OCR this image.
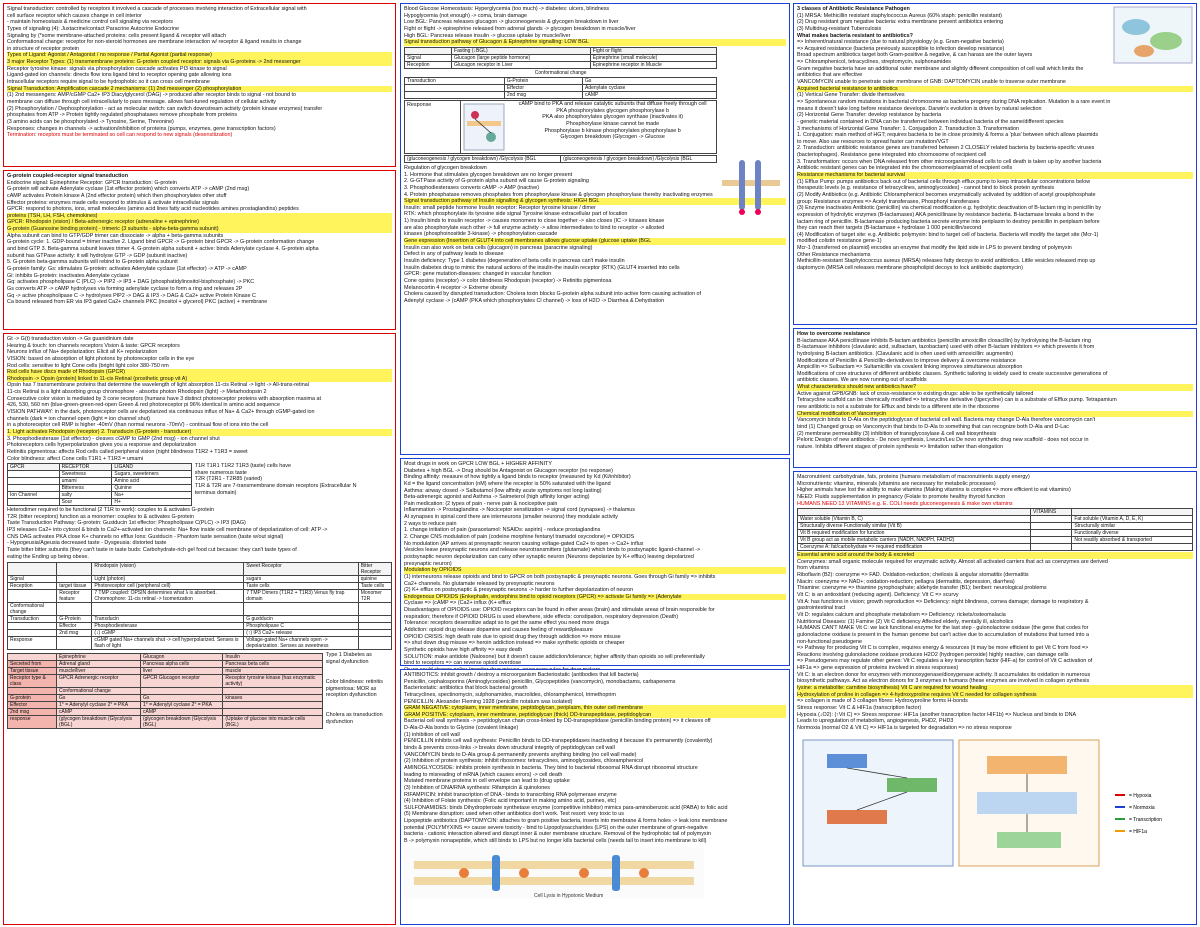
Signal transduction: controlled by receptors it involved a cascade of processes involving interaction of Extracellular signal with
cell surface receptor which causes change in cell interior
- maintain homeostasis & medicine control cell signaling via receptors
Types of signaling (4): Juxtacrine/contact Paracrine Autocrine Endocrine
Signaling by (*some membrane-attached proteins: cells present ligand & receptor will attach
Conformational change: receptor for non-steroid hormones are membrane interaction w/ receptor & ligand results in change
in structure of receptor protein
Types of Ligand: Agonist / Antagonist / no response / Partial Agonist (partial response)
3 major Receptor Types: (1) transmembrane proteins: G-protein coupled receptor: signals via G-proteins -> 2nd messenger
Receptor tyrosine kinase: signals via phosphorylation cascade activates PI3 kinase to signal
Ligand-gated ion channels: directs flow ions ligand bind to receptor opening gate allowing ions
Intracellular receptors require signal to be hydrophobic so it can cross cell membrane
Signal Transduction: Amplification cascade 2 mechanisms: (1) 2nd messenger (2) phosphorylation
(1) 2nd messengers: AMP/cGMP Ca2+ IP3 Diacylglycerol (DAG) -> produced after receptor binds to signal - not bound to
membrane can diffuse through cell intracellularly to pass message. allows fast-tuned regulation of cellular activity
(2) Phosphorylation / Dephosphorylation - act as molecular switch: can switch downstream activity (protein kinase enzymes) transfer
phosphates from ATP -> Protein tightly regulated phosphatases remove phosphate from proteins
(3 amino acids can be phosphorylated -> Tyrosine, Serine, Threonine)
Responses: changes in channels -> activation/inhibition of proteins (pumps, enzymes, gene transcription factors)
Termination: receptors must be terminated so cell can respond to new signals (desensitization)
G-protein coupled-receptor signal transduction
Endocrine signal: Epinephrine Receptor: GPCR transduction: G-protein
G-protein will activate Adenylate cyclase (1st effector protein) which converts ATP -> cAMP (2nd msg)
cAMP activates Protein kinase A (2nd effector protein) which then phosphorylates other stuff
Effector proteins: enzymes made cells respond to stimulus & activate intracellular signals
GPCR: respond to photons, ions, small molecules (amino acid lines fatty acid nucleotides amines prostaglandins) peptides
proteins (TSH, LH, FSH, chemokines)
GPCR: Rhodopsin (vision) / Beta-adrenergic receptor (adrenaline + epinephrine)
G-protein (Guanosine binding protein) - trimeric (3 subunits - alpha-beta-gamma subunit)
Alpha subunit can bind to GTP/GDP trimer can dissociate -> alpha + beta-gamma subunits
G-protein cycle: 1. GDP-bound = trimer inactive 2. Ligand bind GPCR -> G-protein bind GPCR -> G-protein conformation change
and bind GTP 3. Beta-gamma subunit leaves trimer 4. G-protein alpha subunit + active: binds Adenylate cyclase 4. G-protein alpha
subunit has GTPase activity: it will hydrolyse GTP -> GDP (subunit inactive)
5. G-protein beta-gamma subunits will rebind to G-protein alpha subunit
G-protein family: Gs: stimulates G-protein: activates Adenylate cyclase (1st effector) -> ATP -> cAMP
Gi: inhibits G-protein: inactivates Adenylate cyclase
Gq: activates phospholipase C (PLC) -> PIP2 -> IP3 + DAG (phosphatidylinositol-bisphosphate) -> PKC
Gs converts ATP -> cAMP hydrolyses via forming adenylate cyclase to form a ring and releases 2P
Gq -> active phospholipase C -> hydrolyses PIP2 -> DAG & IP3 -> DAG & Ca2+ active Protein Kinase C
Ca bound released from ER via IP3 gated Ca2+ channels PKC (inositol + glycerol) PKC (active) + membrane
Gt -> G(t) transduction vision -> Gs guanidinium date
Hearing & touch: ion channels receptors Vision & taste: GPCR receptors
Neurons influx of Na+ depolarization: Elicit all K+ repolarization
VISION: based on absorption of light photons by photoreceptor cells in the eye
Rod cells: sensitive to light Cone cells (bright light color 380-750 nm
Rod cells have discs made of Rhodopsin (GPCR)
Rhodopsin -> Opsin (protein) linked to 11-cis Retinal (prosthetic group vit A)
Opsin has 7 transmembrane proteins that determine the wavelength of light absorption 11-cis Retinal -> light -> All-trans-retinal
11-cis Retinal is a light absorbing group chromophore - absorbs photon Rhodopsin (light) -> Metarhodopsin 2
Consecutive color vision is mediated by 3 cone receptors (humans have 3 distinct photoreceptor proteins with absorption maxima at
426, 530, 560 nm (blue-green-green-red-open Green & red photoreceptor pi 96% identical in amino acid sequence
VISION PATHWAY: in the dark, photoreceptor cells are depolarized via continuous influx of Na+ & Ca2+ through cGMP-gated ion
channels (dark = ion channel open (light = ion channel shut)
in a photoreceptor cell RMP is higher -40mV (than normal neurons -70mV) - continual flow of ions into the cell
1. Light activates Rhodopsin (receptor) 2. Transducin (G-protein - transducer)
3. Phosphodiesterase (1st effector) - cleaves cGMP to GMP (2nd msg) - ion channel shut
Photoreceptors cells hyperpolarization gives you a response and depolarization
Retinitis pigmentosa: affects Rod cells called peripheral vision (night blindness T1R2 + T1R3 = sweet
Color blindness: affect Cone cells T1R1 + T1R3 = umami
GPCR	RECEPTOR	LIGAND
	Sweetness	Sugars, sweeteners
	umami	Amino acid
	Bitterness	Quinine
Ion Channel	salty	Na+
	Sour	H+
T1R T1R1 T1R2 T1R3 (taste) cells have
share numerous taste
T2R (T2R1 - T2R85 (varied)
T1R & T2R are 7-transmembrane domain receptors (Extracellular N
terminus domain)
Heterodimer required to be functional (2 T1R to work): couples to & activates G-protein
T2R (bitter receptors) function as a monomer: couples to & activates G-protein
Taste Transduction Pathway: G-protein: Gustducin 1st effector: Phospholipase C(PLC) -> IP3 (DAG)
IP3 releases Ca2+ into cytosol & binds to Ca2+-activated ion channels: Na+ flow inside cell membrane of depolarization of cell: ATP ->
CNS DAG activates PKA close K+ channels no efflux Ions: Gustducin - Phantom taste sensation (taste w/out signal)
- Hypogeusia/Ageusia decreased taste - Dysgeusia: distorted taste
Taste bitter bitter subunits (they can't taste in taste buds: Carbohydrate-rich gel food cut because: they can't taste types of
eating the Ending up being obese.
		Rhodopsin (vision)	Sweet Receptor	Bitter Receptor
Signal		Light (photon)	sugars	quinine
Reception	target tissue	Photoreceptor cell (peripheral cell)	Taste cells	Taste cells
	Receptor feature	7 TMP coupled: OPSIN determines what λ is absorbed. Chromophore: 11-cis retinal -> Isomerization	7 TMP Dimers (T1R2 + T1R3) Venus fly trap domain	Monomer T2R
Conformational change				
Transduction	G-Protein	Transducin	G gustducin	
	Effector	Phosphodiesterase	Phospholipase C	
	2nd msg	(↓) cGMP	(↑) IP3 Ca2+ release	
Response		cGMP gated Na+ channels shut -> cell hyperpolarized. Senses is flash of light	Voltage-gated Na+ channels open -> depolarization. Senses as sweetness	
	Epinephrine	Glucagon	Insulin
Secreted from	Adrenal gland	Pancreas alpha cells	Pancreas beta cells
Target tissue	muscle/liver	liver	muscle
Receptor type & class	GPCR Adrenergic receptor	GPCR Glucagon receptor	Receptor tyrosine kinase (has enzymatic activity)
	Conformational change		
G-protein	Gs	Gs	kinases
Effector	1° = Adenylyl cyclase 2° = PKA	1° = Adenylyl cyclase 2° = PKA	
2nd msg	cAMP	cAMP	
response	(glycogen breakdown (Glycolysis (BGL)	(glycogen breakdown (Glycolysis (BGL)	(Uptake of glucose into muscle cells (BGL)
Type 1 Diabetes as
signal dysfunction

Color blindness: retinitis
pigmentosa: MOR as
reception dysfunction

Cholera as transduction
dysfunction
Blood Glucose Homeostasis: Hyperglycemia (too much) -> diabetes: ulcers, blindness
Hypoglycemia (not enough) -> coma, brain damage
Low BGL: Pancreas releases glucagon -> gluconeogenesis & glycogen breakdown in liver
Fight or flight -> epinephrine released from adrenal glands -> glycogen breakdown in muscle/liver
High BGL: Pancreas release insulin -> glucose uptake by muscle/liver
Signal transduction pathway of Glucagon & Epinephrine signalling: LOW BGL
	Fasting (↓BGL)	Fight or flight
Signal	Glucagon (large peptide hormone)	Epinephrine (small molecule)
Reception	Glucagon receptor in Liver	Epinephrine receptor in Muscle
Conformational change
Transduction	G-Protein	Gs
	Effector	Adenylate cyclase
	2nd msg	cAMP
Response	cAMP bind to PKA and release catalytic subunits that diffuse freely through cell
PKA phosphorylates glycogen phosphorylase b
PKA also phosphorylates glycogen synthase (inactivates it)
Phosphorylase kinase cannot be made
Phosphorylase b kinase phosphorylates phosphorylase b
Glycogen breakdown (Glycogen -> Glucose
(gluconeogenesis / glycogen breakdown) /Glycolysis (BGL	(gluconeogenesis / glycogen breakdown) /Glycolysis (BGL
Regulation of glycogen breakdown
1. Hormone that stimulates glycogen breakdown are no longer present
2. G-GTPase activity of G-protein alpha subunit will cause G-protein signaling
3. Phosphodiesterases converts cAMP -> AMP (inactive)
4. Protein phosphatase removes phosphates from phosphorylase kinase & glycogen phosphorylase thereby inactivating enzymes
Signal transduction pathway of Insulin signalling & glycogen synthesis: HIGH BGL
Insulin: small peptide hormone Insulin receptor: Receptor tyrosine kinase / dimer
RTK: which phosphorylate its tyrosine side signal Tyrosine kinase extracellular part of location
1) Insulin binds to insulin receptor -> causes monomers to close together -> also closes (IC -> kinases kinase
are also phosphorylate each other -> full enzyme activity -> allow intermediates to bind to receptor -> allosted
kinases (phosphoinositide 3-kinase) -> phosphorylation cascade
Gene expression (Insertion of GLUT4 into cell membranes allows glucose uptake (glucose uptake (BGL
Insulin can also work on beta cells (glucagon) in pancreas (paracrine signaling)
Defect in any of pathway leads to disease
Insulin deficiency: Type 1 diabetes (degeneration of beta cells in pancreas can't make insulin
Insulin diabetes drug to mimic the natural actions of the insulin-the insulin receptor (RTK) (GLUT4 inserted into cells
GPCR: gene mutation-diseases: changed in vascular function
Cone opsins (receptor) -> color blindness Rhodopsin (receptor) -> Retinitis pigmentosa
Melanocortin 4 receptor -> Extreme obesity
Cholera caused by disrupted transduction: Cholera toxin blocks G-protein alpha subunit into active form causing activation of
Adenylyl cyclase -> (cAMP (PKA which phosphorylates Cl channel) -> loss of H2O -> Diarrhea & Dehydration
Most drugs in work on GPCR LOW BGL + HIGHER AFFINITY
Diabetes + high BGL -> Drug should be Antagonist on Glucagon receptor (no response)
Binding affinity: measure of how tightly a ligand binds to receptor (measured by Kd (Ki/inhibitor)
Kd = the ligand concentration (nM) where the receptor is 50% saturated with the ligand
Asthma: airway closed -> Salbutamol (low affinity acute symptoms not long lasting)
Beta-adrenergic agonist and Asthma -> Salmeterol (high affinity longer acting)
Pain medication: (2 types of pain - nerve pain & nociceptive pain
Inflammation -> Prostaglandins -> Nociceptor sensitization -> signal cord (synapses) -> thalamus
At synapses in spinal cord there are interneurons (smaller neurons) they modulate activity
2 ways to reduce pain
1. change initiation of pain (paracetamol: NSAIDs: aspirin) - reduce prostaglandins
2. Change CNS modulation of pain (codeine morphine fentanyl tramadol oxycodone) = OPIOIDS
No modulation (AP arrives at presynaptic neuron causing voltage-gated Ca2+ to open -> Ca2+ influx
Vesicles leave presynaptic neurons and release neurotransmitters (glutamate) which binds to postsynaptic ligand-channel ->
postsynaptic neuron depolarization can carry other synaptic neuron (Neurons depolarize by K+ efflux) leaving depolarized
presynaptic neuron)
Modulation by OPIOIDS
(1) interneurons release opioids and bind to GPCR on both postsynaptic & presynaptic neurons. Goes through Gi family => inhibits
Ca2+ channels. No glutamate released by presynaptic neurons
(2) K+ efflux on postsynaptic & presynaptic neurons -> harder to further depolarization of neuron
Endogenous OPIOIDS (Enkephalin, endorphins bind to opioid receptors (GPCR) => activate Gi family => (Adenylate
Cyclase => (cAMP => (Ca2+ influx (K+ efflux
Disadvantages of OPIOIDS use: OPIOID receptors can be found in other areas (brain) and stimulate areas of brain responsible for
respiration; therefore if OPIOID DRUG is used elsewhere, side effects: constipation, respiratory depression (Death)
Tolerance: receptors desensitize adapt so to get the same effect you need more drugs
Addiction: opioid drug release dopamine and causes feeling of reward/pleasure
OPIOID CRISIS: high death rate due to opioid drug they through addiction => more misuse
=> shut down drug misuse => heroin addiction instead => make synthetic opioids or cheaper
Synthetic opioids have high affinity => easy death
SOLUTION: make antidote (Naloxone) but it doesn't cause addiction/tolerance; higher affinity than opioids so will preferentially
bind to receptors => can reverse opioid overdose
ANTIBIOTICS: inhibit growth / destroy a microorganism Bacteriostatic (antibodies that kill bacteria)
Penicillin, cephalosporins (Aminoglycosides) penicillin, Glycopeptides (vancomycin), monobactams, carbapenems
Bacteriostatic: antibiotics that block bacterial growth
Tetracyclines, spectinomycin, sulphonamides, macrolides, chloramphenicol, trimethoprim
PENICILLIN: Alexander Fleming 1928 (penicillin notatum was isolated)
GRAM NEGATIVE: cytoplasm, inner membrane, peptidoglycan, periplasm, thin outer cell membrane
GRAM POSITIVE: cytoplasm, inner membrane, peptidoglycan (thick) DD-transpeptidase, peptidoglycan
Bacterial cell wall synthesis -> peptidoglycan chain cross-linked by DD-transpeptidase (penicillin binding protein) => it cleaves off
D-Ala-D-Ala bonds to Glycine (covalent linkage)
(1) inhibition of cell wall
PENICILLIN inhibits cell wall synthesis: Penicillin binds to DD-transpeptidases inactivating it because it's permanently (covalently)
binds & prevents cross-links -> breaks down structural integrity of peptidoglycan cell wall
VANCOMYCIN binds to D-Ala group & permanently prevents anything binding (no cell wall made)
(2) Inhibition of protein synthesis: inhibit ribosomes: tetracyclines, aminoglycosides, chloramphenicol
AMINOGLYCOSIDE: inhibits protein synthesis in bacteria. They bind to bacterial ribosomal RNA disrupt ribosomal structure
leading to misreading of mRNA (which causes errors) -> cell death
Mutated membrane proteins in cell envelope can lead to (drug uptake
(3) Inhibition of DNA/RNA synthesis: Rifampicin & quinolones
RIFAMPICIN: inhibit transcription of DNA - binds to transcribing RNA polymerase enzyme
(4) Inhibition of Folate synthesis: (Folic acid important in making amino acid, purines, etc)
SULFONAMIDES: binds Dihydropteroate synthetase enzyme (competitive inhibitor) mimics para-aminobenzoic acid (PABA) to folic acid
(5) Membrane disruption: used when other antibiotics don't work. Test resort: very toxic to us
Lipopeptide antibiotics (DAPTOMYCIN: attaches to gram positive bacteria, inserts into membrane & forms holes -> leak ions membrane
potential (POLYMYXINS => cause severe toxicity - bind to Lipopolysaccharides (LPS) on the outer membrane of gram-negative
bacteria - cationic interaction altered and disrupt inner & outer membrane structure. Removal of the hydrophobic tail of polymyxin
B -> polymyxin nonapeptide, which still binds to LPS but no longer kills bacterial cells (needs tail to insert into membrane to kill)
Cell Lysis in Hypotonic Medium
3 classes of Antibiotic Resistance Pathogen
(1) MRSA: Methicillin resistant staphylococcus Aureus (60% staph: penicillin resistant)
(2) Drug resistant gram negative bacteria: extra membrane prevent antibiotics entering
(3) Multidrug-resistant Tuberculosis
What makes bacteria resistant to antibiotics?
=> Inherent/natural resistance (due to natural physiology (e.g. Gram-negative bacteria)
=> Acquired resistance (bacteria previously susceptible to infection develop resistance)
Broad spectrum antibiotics target both Gram-positive & negative, & can harass are the outer layers
=> Chloramphenicol, tetracyclines, streptomycin, sulphonamides
Gram negative bacteria have an additional outer membrane and slightly different composition of cell wall which limits the
antibiotics that are effective
VANCOMYCIN unable to penetrate outer membrane of GNB: DAPTOMYCIN unable to traverse outer membrane
Acquired bacterial resistance to antibiotics
(1) Vertical Gene Transfer: divide themselves
=> Spontaneous random mutations in bacterial chromosome as bacteria progeny during DNA replication. Mutation is a rare event in
means it doesn't take long before resistance develops. Darwin's evolution is driven by natural selection
(2) Horizontal Gene Transfer: develop resistance by bacteria
- genetic material contained in DNA can be transferred between individual bacteria of the same/different species
3 mechanisms of Horizontal Gene Transfer: 1. Conjugation 2. Transduction 3. Transformation
1. Conjugation: main method of HGT; requires bacteria to be in close proximity & forms a 'plus' between which allows plasmids
to move. Also use resources to spread faster can mutation/VGT
2. Transduction: antibiotic resistance genes are transferred between 2 CLOSELY related bacteria by bacteria-specific viruses
(bacteriophages). Resistance gene integrated into chromosome of recipient cell
3. Transformation: occurs when DNA released from other microorganism/dead cells to cell death is taken up by another bacteria
Antibiotic resistant genes can be integrated into the chromosome/plasmid of recipient cells
Resistance mechanisms for bacterial survival
(1) Efflux Pump: pumps antibiotics back out of bacterial cells through efflux pump to keep intracellular concentrations below
therapeutic levels (e.g. resistance of tetracyclines, aminoglycosides) - cannot bind to block protein synthesis
(2) Modify Antibiotics (e.g. Antibiotic Chloramphenicol becomes enzymatically activated by addition of acetyl group/phosphate
group: Resistance enzymes => Acetyl transferases, Phosphoryl transferases
(3) Enzyme inactivates Antibiotic (penicillin) via chemical modification e.g. hydrolytic deactivation of B-lactam ring in penicillin by
expression of hydrolytic enzymes (B-lactamases) AKA penicillinase by resistance bacteria. B-lactamase breaks a bond in the
lactam ring of penicillin. B-lactamase producing bacteria secrete enzyme into periplasm to destroy penicillin in periplasm before
they can reach their targets (B-lactamase + hydrolase 1 000 penicillin/second
(4) Modification of target site: e.g. Antibiotic polymyxin: bind to target cell of bacteria. Bacteria will modify the target site (Mcr-1)
modified colistin resistance gene-1)
Mcr-1 (transferred on plasmid) encodes an enzyme that modify the lipid side in LPS to prevent binding of polymyxin
Other Resistance mechanisms
Methicillin-resistant Staphylococcus aureus (MRSA) releases fatty decoys to avoid antibiotics. Little vesicles released mop up
daptomycin (MRSA cell releases membrane phospholipid decoys to lock antibiotic daptomycin)
How to overcome resistance
B-lactamase AKA penicillinase inhibits B-lactam antibiotics (penicillin amoxicillin cloxacillin) by hydrolysing the B-lactam ring
B-lactamase inhibitors (clavulanic acid, sulbactam, tazobactam) used with other B-lactam inhibitors => which prevents it from
hydrolysing B-lactam antibiotics. (Clavulanic acid is often used with amoxicillin: augmentin)
Modifications of Penicillin & Penicillin-derivatives to improve delivery & overcome resistance
Ampicillin => Sulbactam => Sultamicillin via covalent linking improves simultaneous absorption
Modifications of core structures of different antibiotic classes. Synthetic tailoring is widely used to create successive generations of
antibiotic classes. We are now running out of scaffolds
What characteristics should new antibiotics have?
Active against GPB/GNB: lack of cross-resistance to existing drugs: able to be synthetically tailored
Tetracycline scaffold can be chemically modified => tetracycline derivative (tigecycline) can is a substrate of Efflux pump. Tetrapamium
new antibiotic is not a substrate for Efflux and binds to a different site in the ribosome
Chemical modification of Vancomycin
Vancomycin binds to D-Ala on the peptidoglycan of bacterial cell wall. Bacteria may change D-Ala therefore vancomycin can't
bind (1) Changed group on Vancomycin that binds to D-Ala to something that can recognize both D-Ala and D-Lac
(2) membrane permeability (3) inhibition of transglycosylase & cell wall biosynthesis
Peloric Design of new antibiotics - De novo synthesis, Lreucin/Leu De novo synthetic drug new scaffold - does not occur in
nature. Inhibits different stages of protein synthesis => limitation rather than elongation
Macronutrient: carbohydrate, fats, proteins (humans metabolism of macronutrients supply energy)
Micronutrients: vitamins, minerals (vitamins are necessary for metabolic processes)
Higher animals have lost the ability to make vitamins (Making vitamins is complex => more efficient to eat vitamins)
NEED: Fluids supplementation in pregnancy (Folate to promote healthy thyroid function
HUMANS NEED 13 VITAMINS e.g. E. COLI needs gluconeogenesis & make own vitamins
	VITAMINS	
Water soluble (Vitamin B, C)		Fat soluble (Vitamin A, D, E, K)
Structurally diverse Functionally similar (Vit B)		Structurally similar
Vit B required modification for function		Functionally diverse
Vit B group act as mobile metabolic carriers (NADH, NADPH, FADH2)		Not readily absorbed & transported
Coenzyme A: fat/carbohydrate => required modification		
Essential amino acid around the body & excreted
Coenzymes: small organic molecule required for enzymatic activity. Almost all activated carriers that act as coenzymes are derived
from vitamins
Riboflavin (B2): coenzyme => FAD. Oxidation-reduction; cheilosis & angular stomatitis (dermatitis
Niacin: coenzyme => NAD+; oxidation-reduction; pellagra (dermatitis, depression, diarrhea)
Thiamine: coenzyme => thiamine pyrophosphate; aldehyde transfer (B1); beriberi: neurological problems
Vit C: is an antioxidant (reducing agent). Deficiency: Vit C => scurvy
Vit A: has functions in vision; growth reproduction => Deficiency: night blindness, cornea damage; damage to respiratory &
gastrointestinal tract
Vit D: regulates calcium and phosphate metabolism => Deficiency: rickets/osteomalacia
Nutritional Diseases: (1) Famine (2) Vit C deficiency Affected elderly, mentally ill, alcoholics
HUMANS CAN'T MAKE Vit C: we lack functional enzyme for the last step - gulonolactone oxidase (the gene that codes for
gulonolactone oxidase is present in the human genome but can't active due to accumulation of mutations that turned into a
non-functional pseudogene
=> Pathway for producing Vit C is complex, requires energy & resources (it may be more efficient to get Vit C from food =>
Reactions involving gulonolactone oxidase produces H2O2 (hydrogen peroxide) highly reactive, can damage cells
=> Pseudogenes may regulate other genes: Vit C regulates a key transcription factor (HIF-a) for control of Vit C activation of
HIF1a => gene expression of proteins involved in stress responses)
Vit C: is an electron donor for enzymes with monooxygenase/dioxygenase activity. It accumulates its oxidation in numerous
biosynthetic pathways. Act as electron donors for 3 enzymes in humans (these enzymes are involved in collagen synthesis
lysine: a metabolite: carnitine biosynthesis) Vit C are required for wound healing
Hydroxylation of proline in collagen => 4-hydroxyproline requires Vit C needed for collagen synthesis
=> collagen is made of 3 collagen fibres: Hydroxyproline forms H-bonds
Stress response: Vit C & HIF1a (transcription factor)
Hypoxia (↓O2): (↑Vit C) => Stress response: HIF1a (another transcription factor HIF1b) => Nucleus and binds to DNA
Leads to upregulation of metabolism, angiogenesis, PHD2, PHD3
Normoxia (normal O2 & Vit C) => HIF1a is targeted for degradation => no stress response
= Hypoxia
= Normoxia
= Transcription
= HIF1a
